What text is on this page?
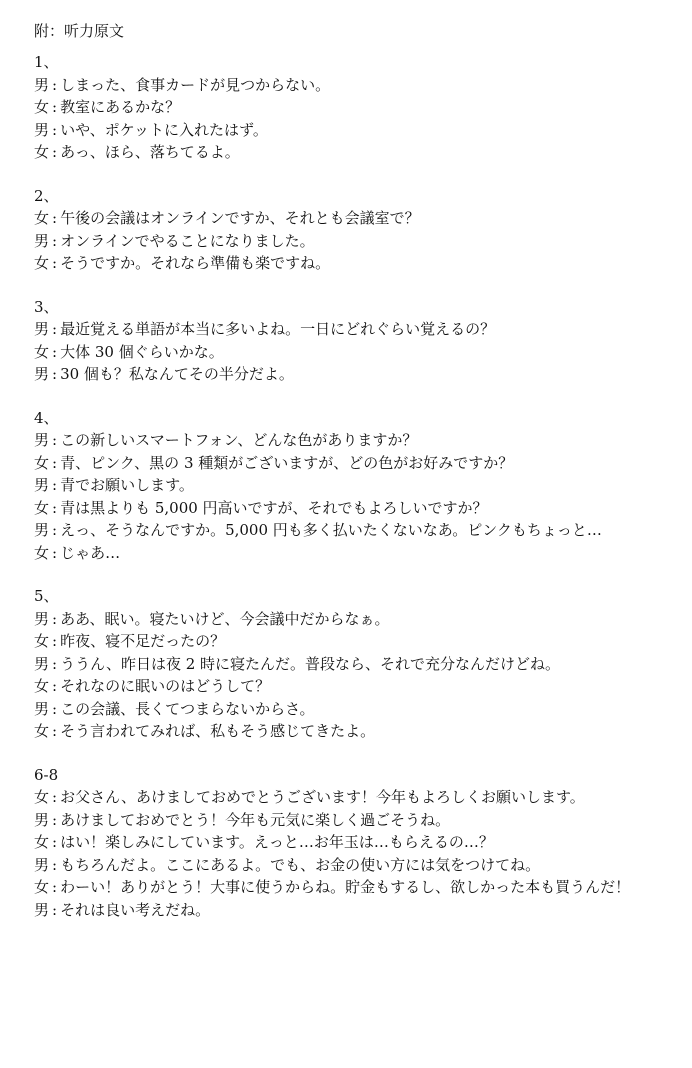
附：听力原文
1、
男 : しまった、食事カードが見つからない。
女 : 教室にあるかな？
男 : いや、ポケットに入れたはず。
女 : あっ、ほら、落ちてるよ。
2、
女 : 午後の会議はオンラインですか、それとも会議室で？
男 : オンラインでやることになりました。
女 : そうですか。それなら準備も楽ですね。
3、
男 : 最近覚える単語が本当に多いよね。一日にどれぐらい覚えるの？
女 : 大体 30 個ぐらいかな。
男 : 30 個も？私なんてその半分だよ。
4、
男 : この新しいスマートフォン、どんな色がありますか？
女 : 青、ピンク、黒の 3 種類がございますが、どの色がお好みですか？
男 : 青でお願いします。
女 : 青は黒よりも 5,000 円高いですが、それでもよろしいですか？
男 : えっ、そうなんですか。5,000 円も多く払いたくないなあ。ピンクもちょっと…
女 : じゃあ…
5、
男 : ああ、眠い。寝たいけど、今会議中だからなぁ。
女 : 昨夜、寝不足だったの？
男 : ううん、昨日は夜 2 時に寝たんだ。普段なら、それで充分なんだけどね。
女 : それなのに眠いのはどうして？
男 : この会議、長くてつまらないからさ。
女 : そう言われてみれば、私もそう感じてきたよ。
6-8
女 : お父さん、あけましておめでとうございます！今年もよろしくお願いします。
男 : あけましておめでとう！今年も元気に楽しく過ごそうね。
女 : はい！楽しみにしています。えっと…お年玉は…もらえるの…？
男 : もちろんだよ。ここにあるよ。でも、お金の使い方には気をつけてね。
女 : わーい！ありがとう！大事に使うからね。貯金もするし、欲しかった本も買うんだ！
男 : それは良い考えだね。
